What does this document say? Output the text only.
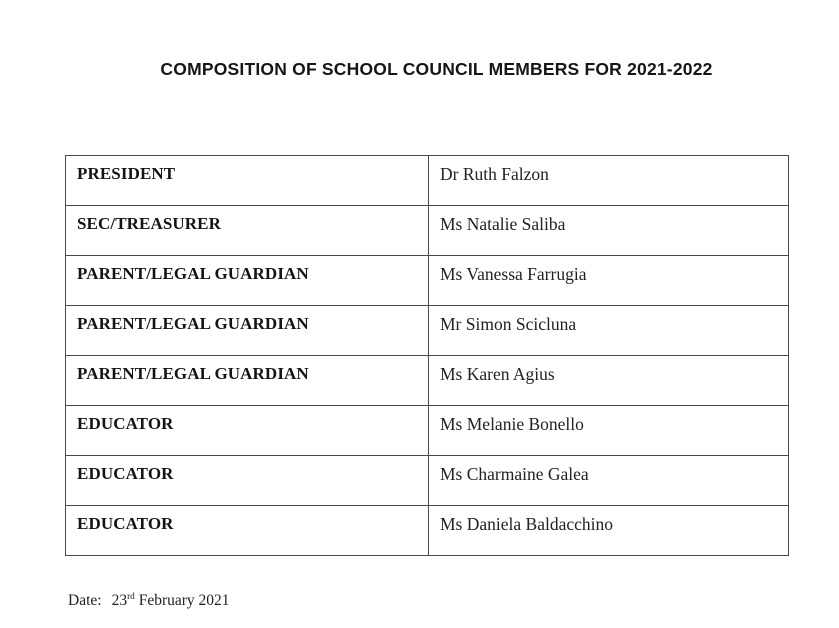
COMPOSITION OF SCHOOL COUNCIL MEMBERS FOR 2021-2022
PRESIDENT	Dr Ruth Falzon
SEC/TREASURER	Ms Natalie Saliba
PARENT/LEGAL GUARDIAN	Ms Vanessa Farrugia
PARENT/LEGAL GUARDIAN	Mr Simon Scicluna
PARENT/LEGAL GUARDIAN	Ms Karen Agius
EDUCATOR	Ms Melanie Bonello
EDUCATOR	Ms Charmaine Galea
EDUCATOR	Ms Daniela Baldacchino
Date: 23rd February 2021
